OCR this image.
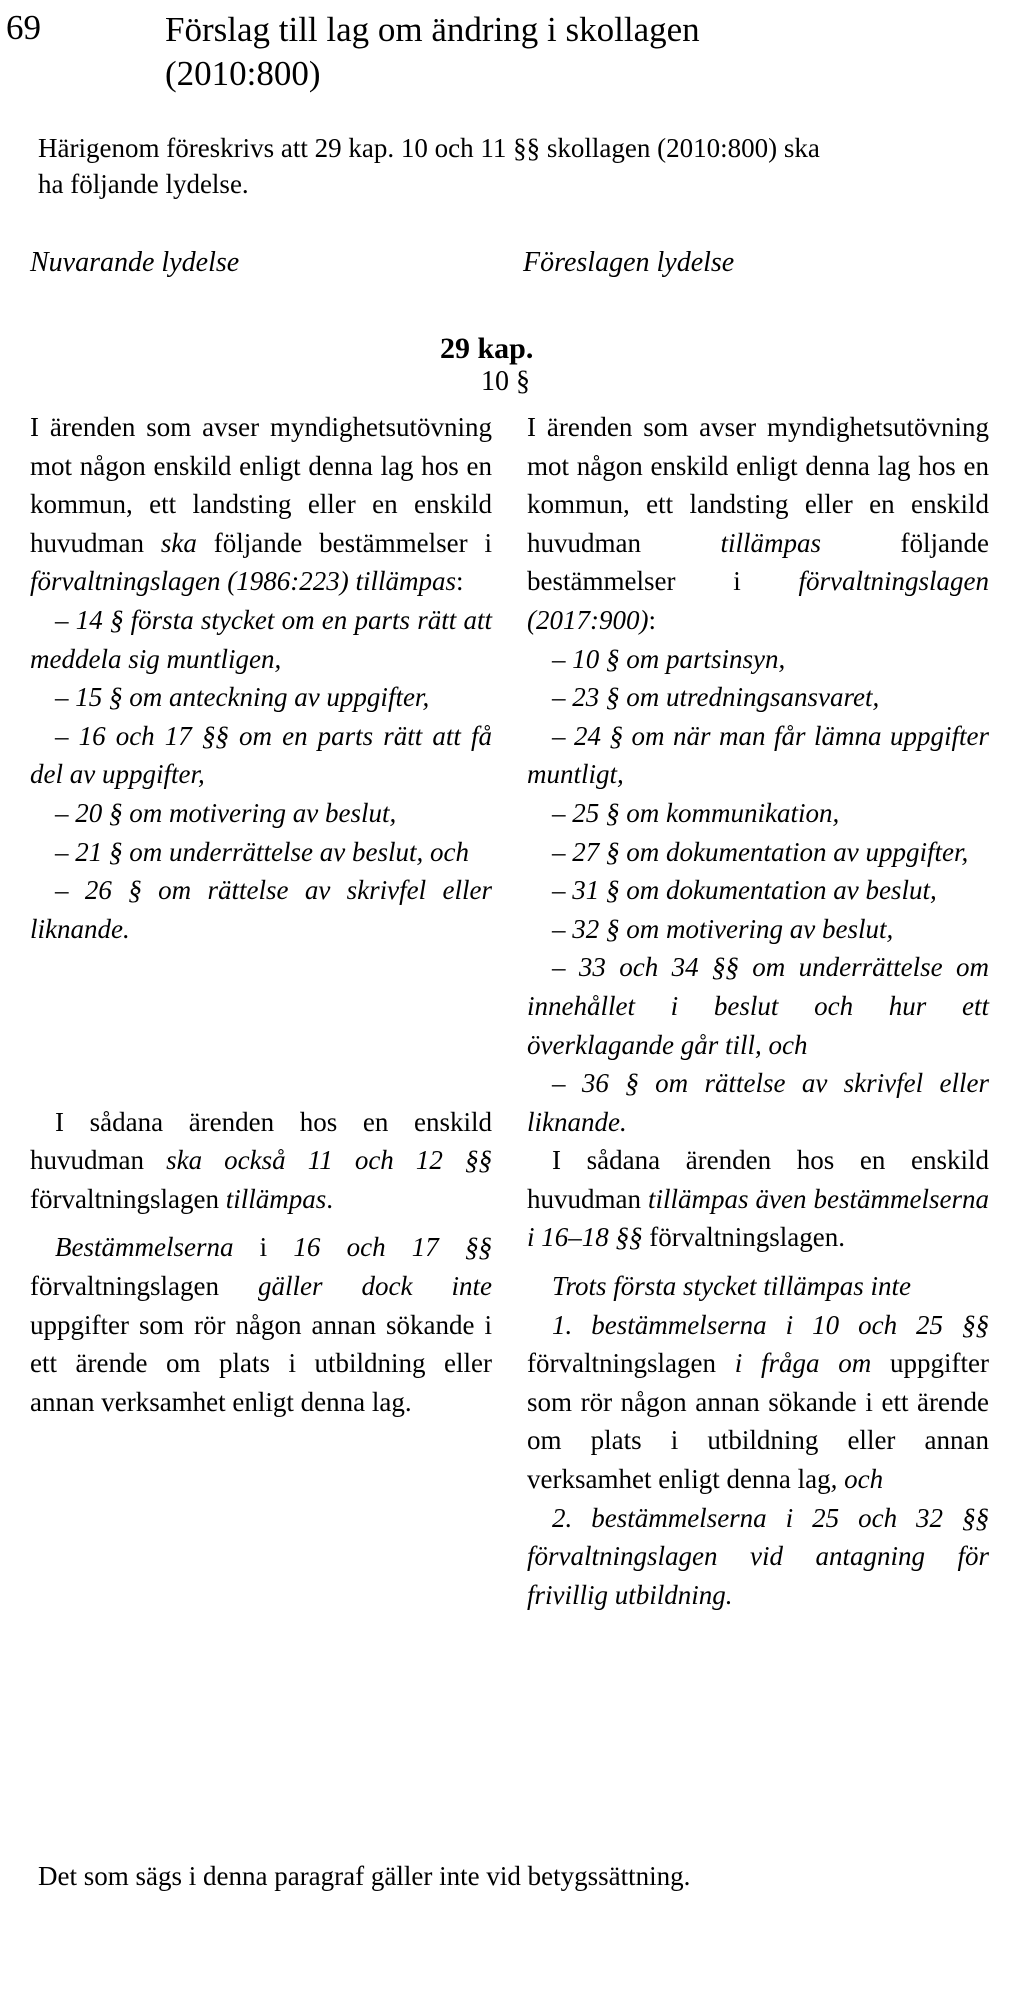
69	Förslag till lag om ändring i skollagen
(2010:800)
Härigenom föreskrivs att 29 kap. 10 och 11 §§ skollagen (2010:800) ska
ha följande lydelse.
Nuvarande lydelse	Föreslagen lydelse
29 kap.
10 §

I ärenden som avser myndighetsutövning mot någon enskild enligt denna lag hos en kommun, ett landsting eller en enskild huvudman ska följande bestämmelser i förvaltningslagen (1986:223) tillämpas:

– 14 § första stycket om en parts rätt att meddela sig muntligen,

– 15 § om anteckning av uppgifter,

– 16 och 17 §§ om en parts rätt att få del av uppgifter,

– 20 § om motivering av beslut,

– 21 § om underrättelse av beslut, och

– 26 § om rättelse av skrivfel eller liknande.

I sådana ärenden hos en enskild huvudman ska också 11 och 12 §§ förvaltningslagen tillämpas.

Bestämmelserna i 16 och 17 §§ förvaltningslagen gäller dock inte uppgifter som rör någon annan sökande i ett ärende om plats i utbildning eller annan verksamhet enligt denna lag.

I ärenden som avser myndighetsutövning mot någon enskild enligt denna lag hos en kommun, ett landsting eller en enskild huvudman tillämpas följande bestämmelser i förvaltningslagen (2017:900):

– 10 § om partsinsyn,

– 23 § om utredningsansvaret,

– 24 § om när man får lämna uppgifter muntligt,

– 25 § om kommunikation,

– 27 § om dokumentation av uppgifter,

– 31 § om dokumentation av beslut,

– 32 § om motivering av beslut,

– 33 och 34 §§ om underrättelse om innehållet i beslut och hur ett överklagande går till, och

– 36 § om rättelse av skrivfel eller liknande.

I sådana ärenden hos en enskild huvudman tillämpas även bestämmelserna i 16–18 §§ förvaltningslagen.

Trots första stycket tillämpas inte

1. bestämmelserna i 10 och 25 §§ förvaltningslagen i fråga om uppgifter som rör någon annan sökande i ett ärende om plats i utbildning eller annan verksamhet enligt denna lag, och

2. bestämmelserna i 25 och 32 §§ förvaltningslagen vid antagning för frivillig utbildning.

Det som sägs i denna paragraf gäller inte vid betygssättning.
